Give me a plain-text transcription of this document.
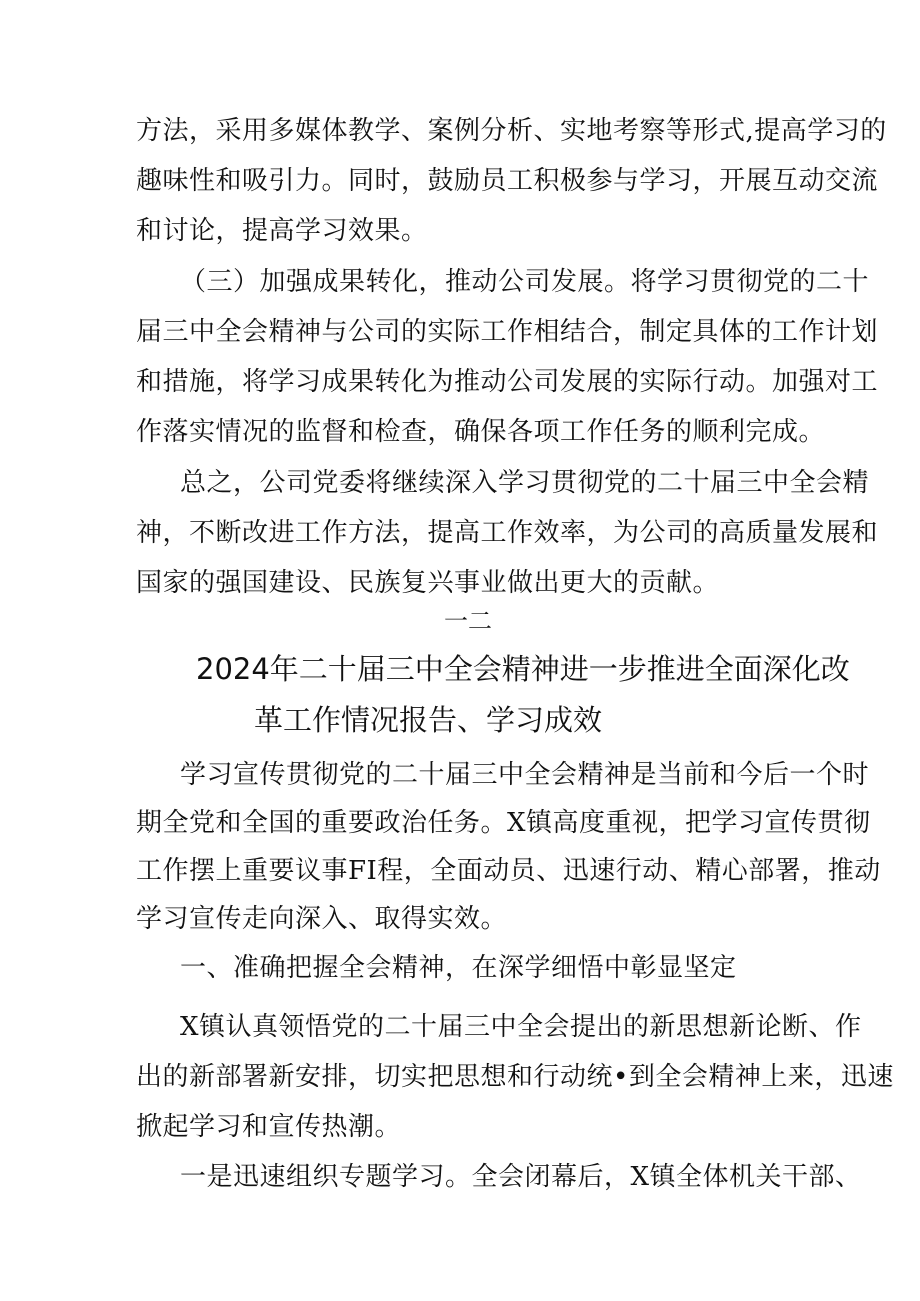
方法，采用多媒体教学、案例分析、实地考察等形式,提高学习的
趣味性和吸引力。同时，鼓励员工积极参与学习，开展互动交流
和讨论，提高学习效果。
（三）加强成果转化，推动公司发展。将学习贯彻党的二十
届三中全会精神与公司的实际工作相结合，制定具体的工作计划
和措施，将学习成果转化为推动公司发展的实际行动。加强对工
作落实情况的监督和检查，确保各项工作任务的顺利完成。
总之，公司党委将继续深入学习贯彻党的二十届三中全会精
神，不断改进工作方法，提高工作效率，为公司的高质量发展和
国家的强国建设、民族复兴事业做出更大的贡献。
一二
2024年二十届三中全会精神进一步推进全面深化改
革工作情况报告、学习成效
学习宣传贯彻党的二十届三中全会精神是当前和今后一个时
期全党和全国的重要政治任务。X镇高度重视，把学习宣传贯彻
工作摆上重要议事FI程，全面动员、迅速行动、精心部署，推动
学习宣传走向深入、取得实效。
一、准确把握全会精神，在深学细悟中彰显坚定
X镇认真领悟党的二十届三中全会提出的新思想新论断、作
出的新部署新安排，切实把思想和行动统•到全会精神上来，迅速
掀起学习和宣传热潮。
一是迅速组织专题学习。全会闭幕后，X镇全体机关干部、
